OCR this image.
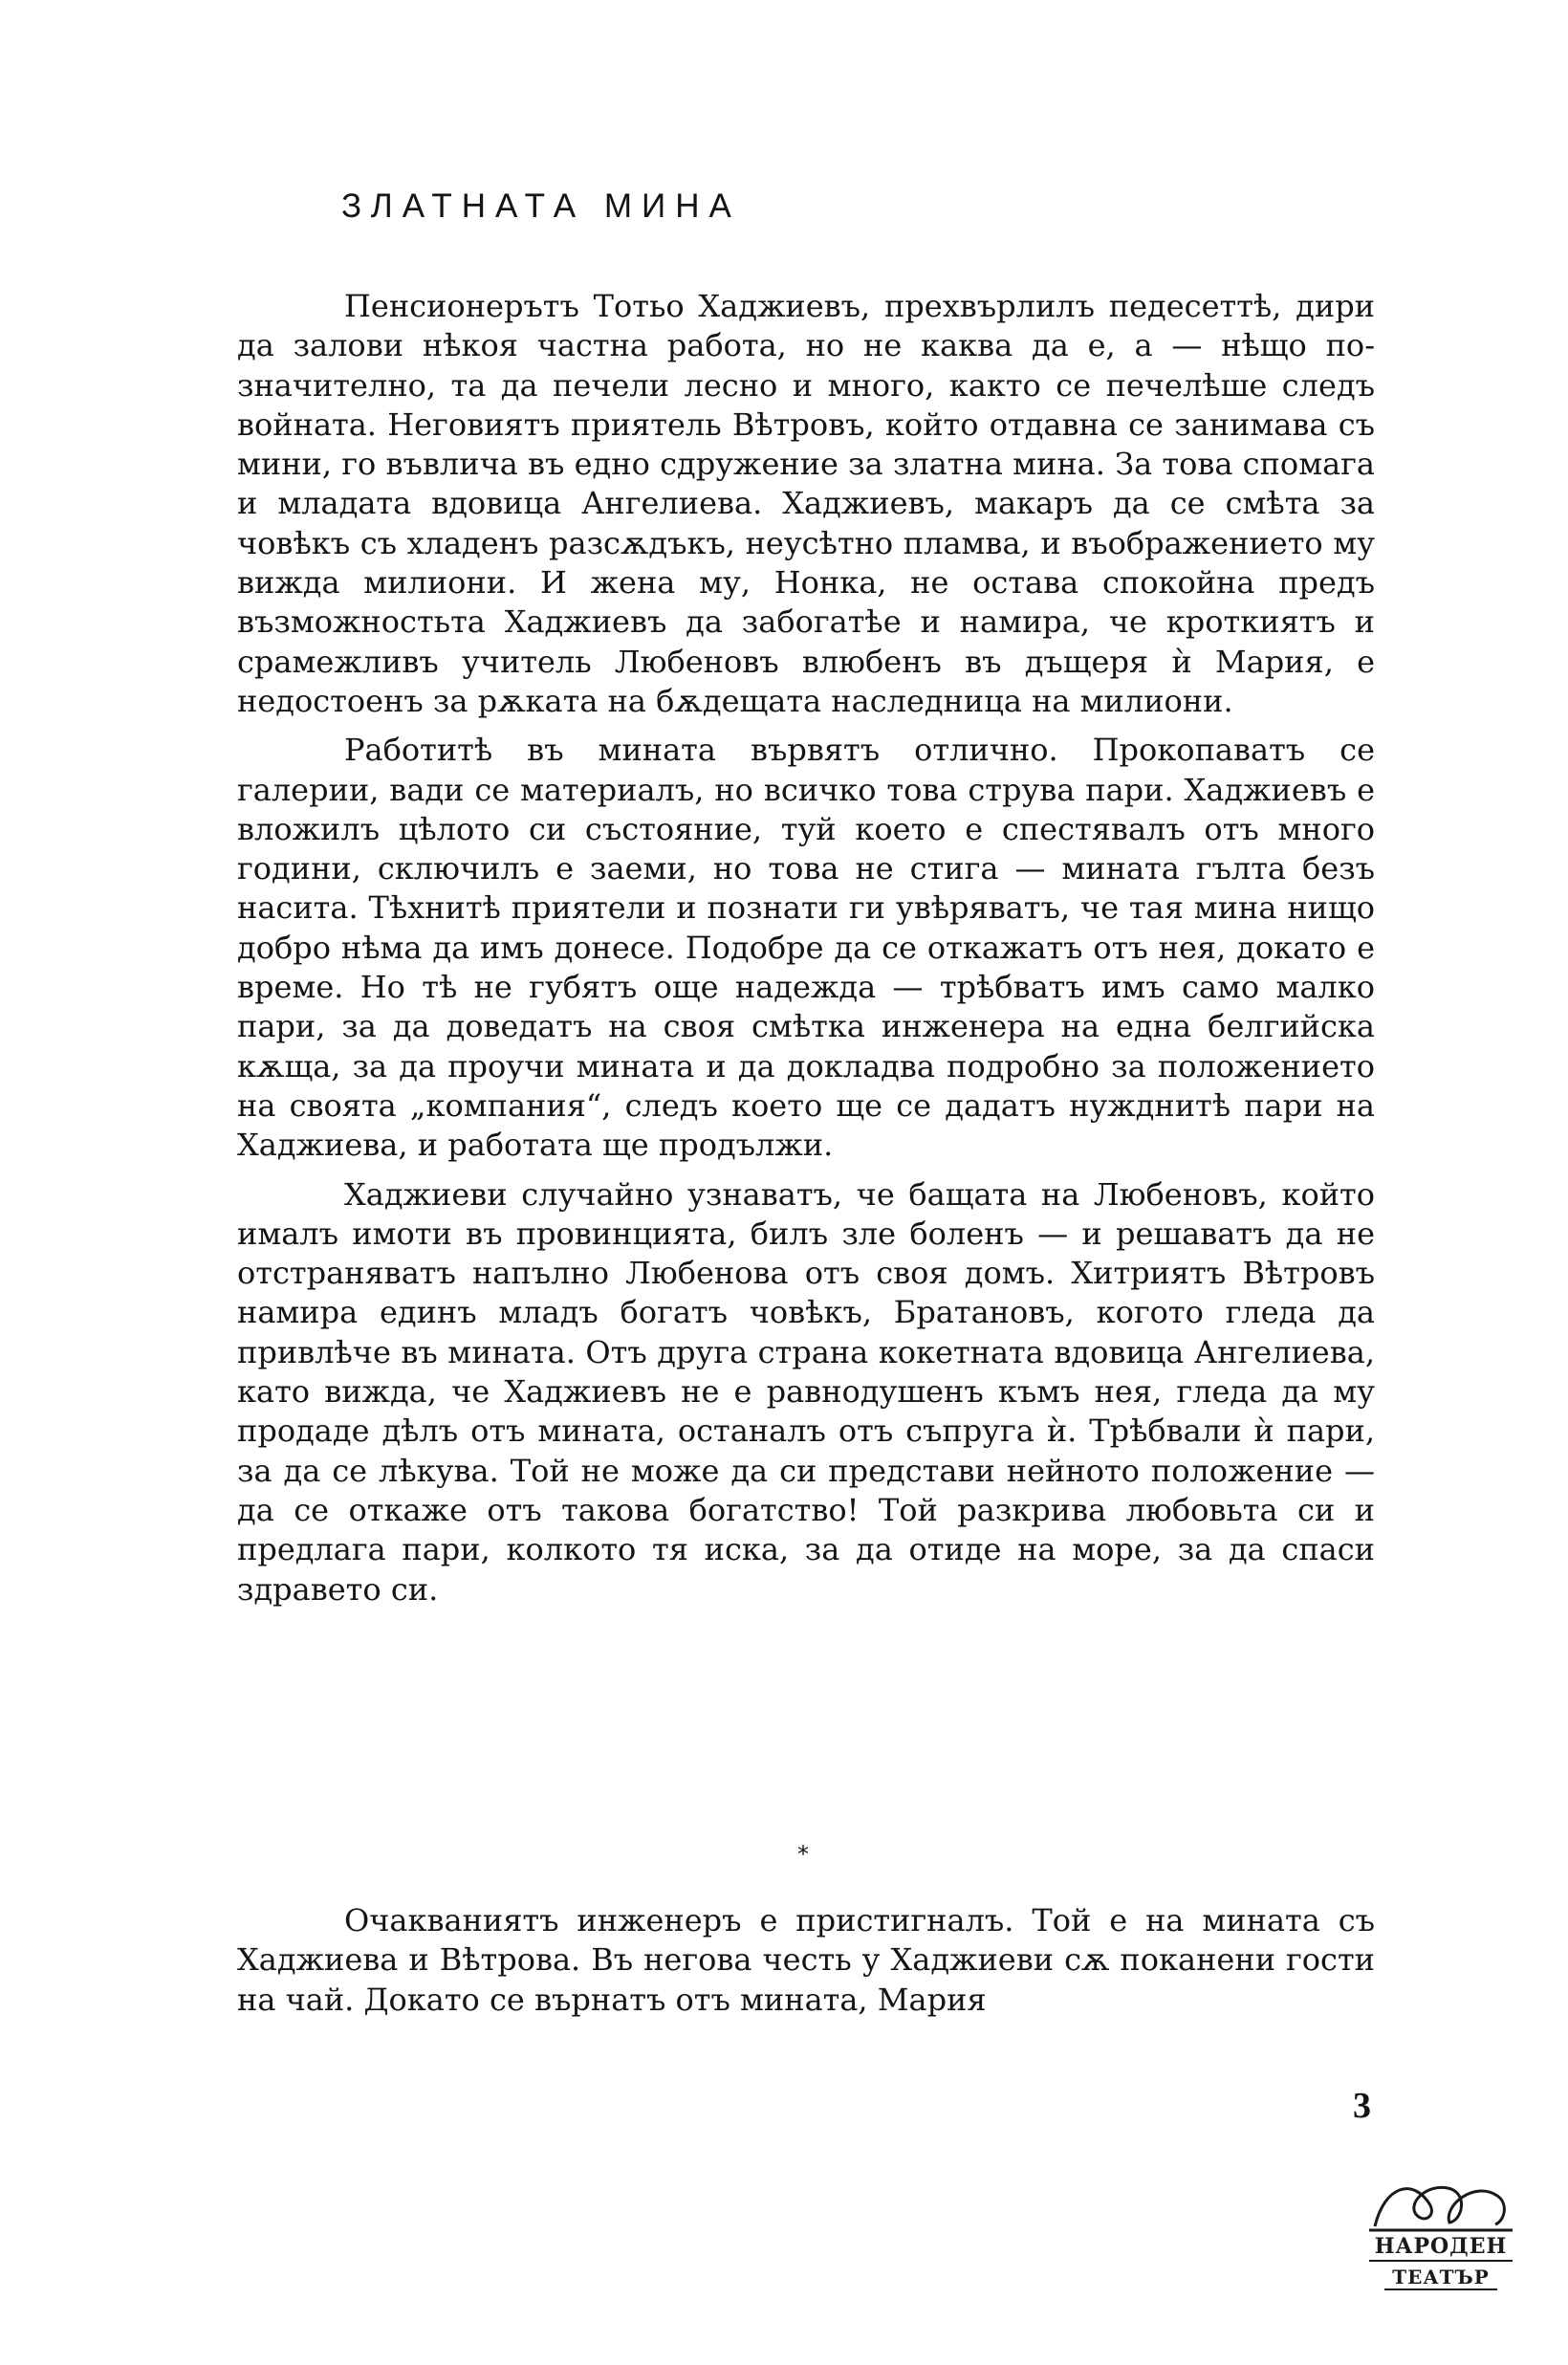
ЗЛАТНАТА МИНА

Пенсионерътъ Тотьо Хаджиевъ, прехвърлилъ педесеттѣ, дири да залови нѣкоя частна работа, но не каква да е, а — нѣщо по-значително, та да печели лесно и много, както се печелѣше следъ войната. Неговиятъ приятель Вѣтровъ, който отдавна се занимава съ мини, го въвлича въ едно сдружение за златна мина. За това спомага и младата вдовица Ангелиева. Хаджиевъ, макаръ да се смѣта за човѣкъ съ хладенъ разсѫдъкъ, неусѣтно пламва, и въображението му вижда милиони. И жена му, Нонка, не остава спокойна предъ възможностьта Хаджиевъ да забогатѣе и намира, че кроткиятъ и срамежливъ учитель Любеновъ влюбенъ въ дъщеря ѝ Мария, е недостоенъ за рѫката на бѫдещата наследница на милиони.

Работитѣ въ мината вървятъ отлично. Прокопаватъ се галерии, вади се материалъ, но всичко това струва пари. Хаджиевъ е вложилъ цѣлото си състояние, туй което е спестявалъ отъ много години, сключилъ е заеми, но това не стига — мината гълта безъ насита. Тѣхнитѣ приятели и познати ги увѣряватъ, че тая мина нищо добро нѣма да имъ донесе. Подобре да се откажатъ отъ нея, докато е време. Но тѣ не губятъ още надежда — трѣбватъ имъ само малко пари, за да доведатъ на своя смѣтка инженера на една белгийска кѫща, за да проучи мината и да докладва подробно за положението на своята „компания“, следъ което ще се дадатъ нужднитѣ пари на Хаджиева, и работата ще продължи.

Хаджиеви случайно узнаватъ, че бащата на Любеновъ, който ималъ имоти въ провинцията, билъ зле боленъ — и решаватъ да не отстраняватъ напълно Любенова отъ своя домъ. Хитриятъ Вѣтровъ намира единъ младъ богатъ човѣкъ, Братановъ, когото гледа да привлѣче въ мината. Отъ друга страна кокетната вдовица Ангелиева, като вижда, че Хаджиевъ не е равнодушенъ къмъ нея, гледа да му продаде дѣлъ отъ мината, останалъ отъ съпруга ѝ. Трѣбвали ѝ пари, за да се лѣкува. Той не може да си представи нейното положение — да се откаже отъ такова богатство! Той разкрива любовьта си и предлага пари, колкото тя иска, за да отиде на море, за да спаси здравето си.

*

Очакваниятъ инженеръ е пристигналъ. Той е на мината съ Хаджиева и Вѣтрова. Въ негова честь у Хаджиеви сѫ поканени гости на чай. Докато се върнатъ отъ мината, Мария

3
НАРОДЕН
ТЕАТЪР
